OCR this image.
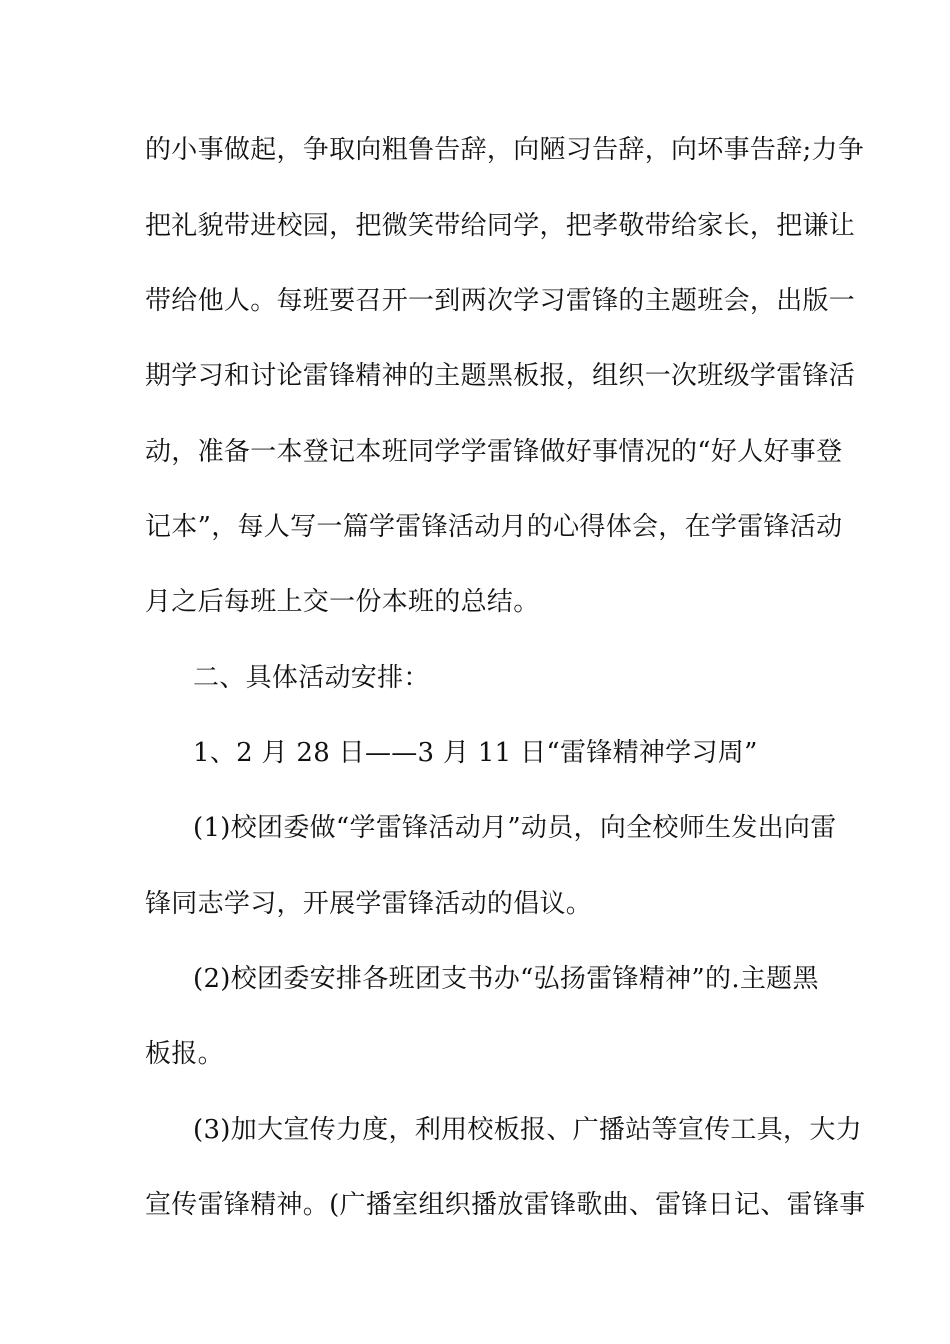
的小事做起，争取向粗鲁告辞，向陋习告辞，向坏事告辞;力争
把礼貌带进校园，把微笑带给同学，把孝敬带给家长，把谦让
带给他人。每班要召开一到两次学习雷锋的主题班会，出版一
期学习和讨论雷锋精神的主题黑板报，组织一次班级学雷锋活
动，准备一本登记本班同学学雷锋做好事情况的“好人好事登
记本”，每人写一篇学雷锋活动月的心得体会，在学雷锋活动
月之后每班上交一份本班的总结。
二、具体活动安排：
1、2 月 28 日——3 月 11 日“雷锋精神学习周”
(1)校团委做“学雷锋活动月”动员，向全校师生发出向雷
锋同志学习，开展学雷锋活动的倡议。
(2)校团委安排各班团支书办“弘扬雷锋精神”的.主题黑
板报。
(3)加大宣传力度，利用校板报、广播站等宣传工具，大力
宣传雷锋精神。(广播室组织播放雷锋歌曲、雷锋日记、雷锋事
